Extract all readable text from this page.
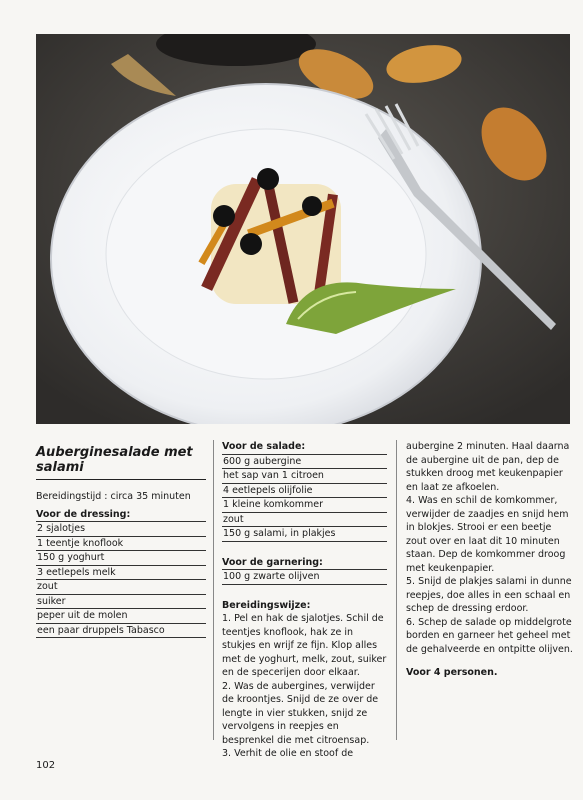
Auberginesalade met salami
Bereidingstijd : circa 35 minuten
Voor de dressing:
2 sjalotjes
1 teentje knoflook
150 g yoghurt
3 eetlepels melk
zout
suiker
peper uit de molen
een paar druppels Tabasco
Voor de salade:
600 g aubergine
het sap van 1 citroen
4 eetlepels olijfolie
1 kleine komkommer
zout
150 g salami, in plakjes
Voor de garnering:
100 g zwarte olijven
Bereidingswijze:

1. Pel en hak de sjalotjes. Schil de teentjes knoflook, hak ze in stukjes en wrijf ze fijn. Klop alles met de yoghurt, melk, zout, suiker en de specerijen door elkaar.

2. Was de aubergines, verwijder de kroontjes. Snijd de ze over de lengte in vier stukken, snijd ze vervolgens in reepjes en besprenkel die met citroensap.

3. Verhit de olie en stoof de

aubergine 2 minuten. Haal daarna de aubergine uit de pan, dep de stukken droog met keukenpapier en laat ze afkoelen.

4. Was en schil de komkommer, verwijder de zaadjes en snijd hem in blokjes. Strooi er een beetje zout over en laat dit 10 minuten staan. Dep de komkommer droog met keukenpapier.

5. Snijd de plakjes salami in dunne reepjes, doe alles in een schaal en schep de dressing erdoor.

6. Schep de salade op middelgrote borden en garneer het geheel met de gehalveerde en ontpitte olijven.

Voor 4 personen.

102
